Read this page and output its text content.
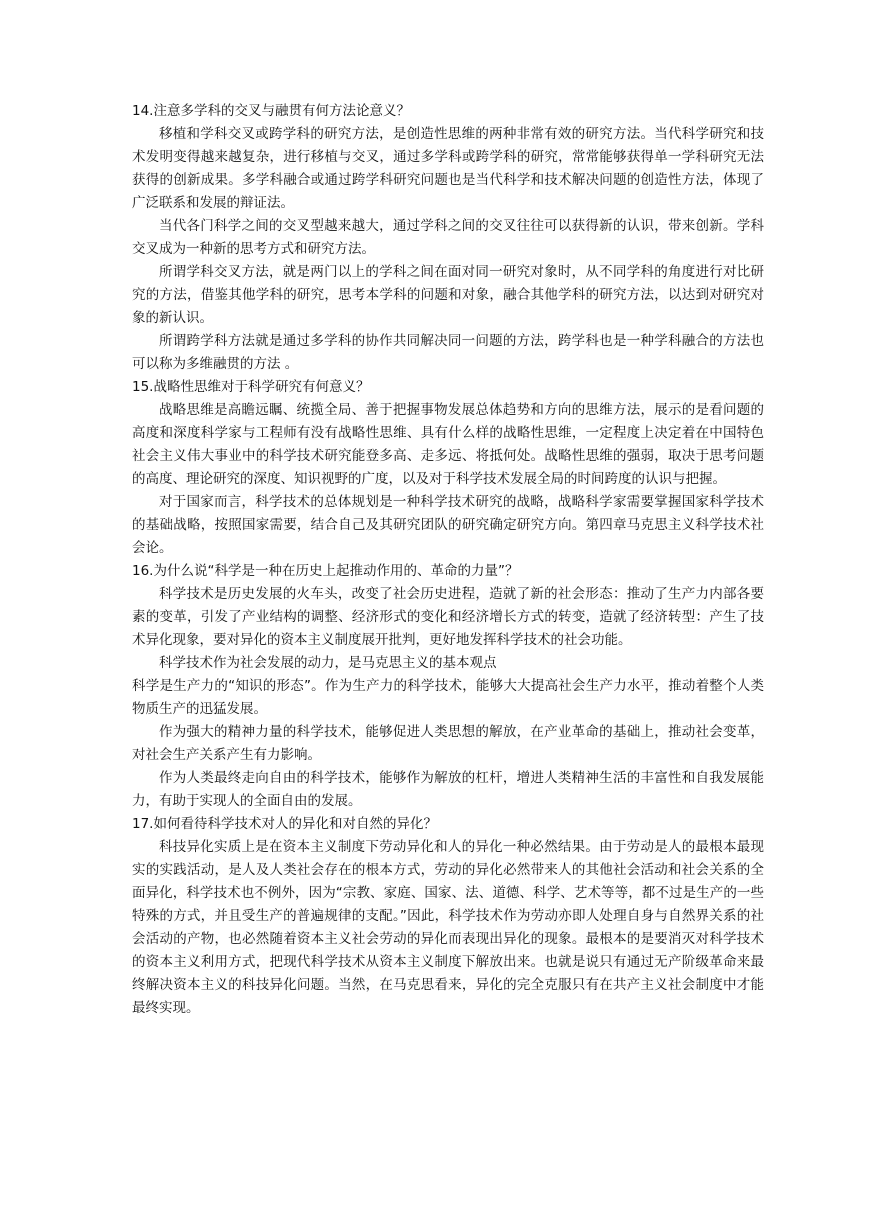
14.注意多学科的交叉与融贯有何方法论意义？

移植和学科交叉或跨学科的研究方法，是创造性思维的两种非常有效的研究方法。当代科学研究和技术发明变得越来越复杂，进行移植与交叉，通过多学科或跨学科的研究，常常能够获得单一学科研究无法获得的创新成果。多学科融合或通过跨学科研究问题也是当代科学和技术解决问题的创造性方法，体现了广泛联系和发展的辩证法。

当代各门科学之间的交叉型越来越大，通过学科之间的交叉往往可以获得新的认识，带来创新。学科交叉成为一种新的思考方式和研究方法。

所谓学科交叉方法，就是两门以上的学科之间在面对同一研究对象时，从不同学科的角度进行对比研究的方法，借鉴其他学科的研究，思考本学科的问题和对象，融合其他学科的研究方法，以达到对研究对象的新认识。

所谓跨学科方法就是通过多学科的协作共同解决同一问题的方法，跨学科也是一种学科融合的方法也可以称为多维融贯的方法 。

15.战略性思维对于科学研究有何意义？

战略思维是高瞻远瞩、统揽全局、善于把握事物发展总体趋势和方向的思维方法，展示的是看问题的高度和深度科学家与工程师有没有战略性思维、具有什么样的战略性思维，一定程度上决定着在中国特色社会主义伟大事业中的科学技术研究能登多高、走多远、将抵何处。战略性思维的强弱，取决于思考问题的高度、理论研究的深度、知识视野的广度，以及对于科学技术发展全局的时间跨度的认识与把握。

对于国家而言，科学技术的总体规划是一种科学技术研究的战略，战略科学家需要掌握国家科学技术的基础战略，按照国家需要，结合自己及其研究团队的研究确定研究方向。第四章马克思主义科学技术社会论。

16.为什么说“科学是一种在历史上起推动作用的、革命的力量”？

科学技术是历史发展的火车头，改变了社会历史进程，造就了新的社会形态：推动了生产力内部各要素的变革，引发了产业结构的调整、经济形式的变化和经济增长方式的转变，造就了经济转型：产生了技术异化现象，要对异化的资本主义制度展开批判，更好地发挥科学技术的社会功能。

科学技术作为社会发展的动力，是马克思主义的基本观点

科学是生产力的“知识的形态”。作为生产力的科学技术，能够大大提高社会生产力水平，推动着整个人类物质生产的迅猛发展。

作为强大的精神力量的科学技术，能够促进人类思想的解放，在产业革命的基础上，推动社会变革，对社会生产关系产生有力影响。

作为人类最终走向自由的科学技术，能够作为解放的杠杆，增进人类精神生活的丰富性和自我发展能力，有助于实现人的全面自由的发展。

17.如何看待科学技术对人的异化和对自然的异化？

科技异化实质上是在资本主义制度下劳动异化和人的异化一种必然结果。由于劳动是人的最根本最现实的实践活动，是人及人类社会存在的根本方式，劳动的异化必然带来人的其他社会活动和社会关系的全面异化，科学技术也不例外，因为“宗教、家庭、国家、法、道德、科学、艺术等等，都不过是生产的一些特殊的方式，并且受生产的普遍规律的支配。”因此，科学技术作为劳动亦即人处理自身与自然界关系的社会活动的产物，也必然随着资本主义社会劳动的异化而表现出异化的现象。最根本的是要消灭对科学技术的资本主义利用方式，把现代科学技术从资本主义制度下解放出来。也就是说只有通过无产阶级革命来最终解决资本主义的科技异化问题。当然，在马克思看来，异化的完全克服只有在共产主义社会制度中才能最终实现。
